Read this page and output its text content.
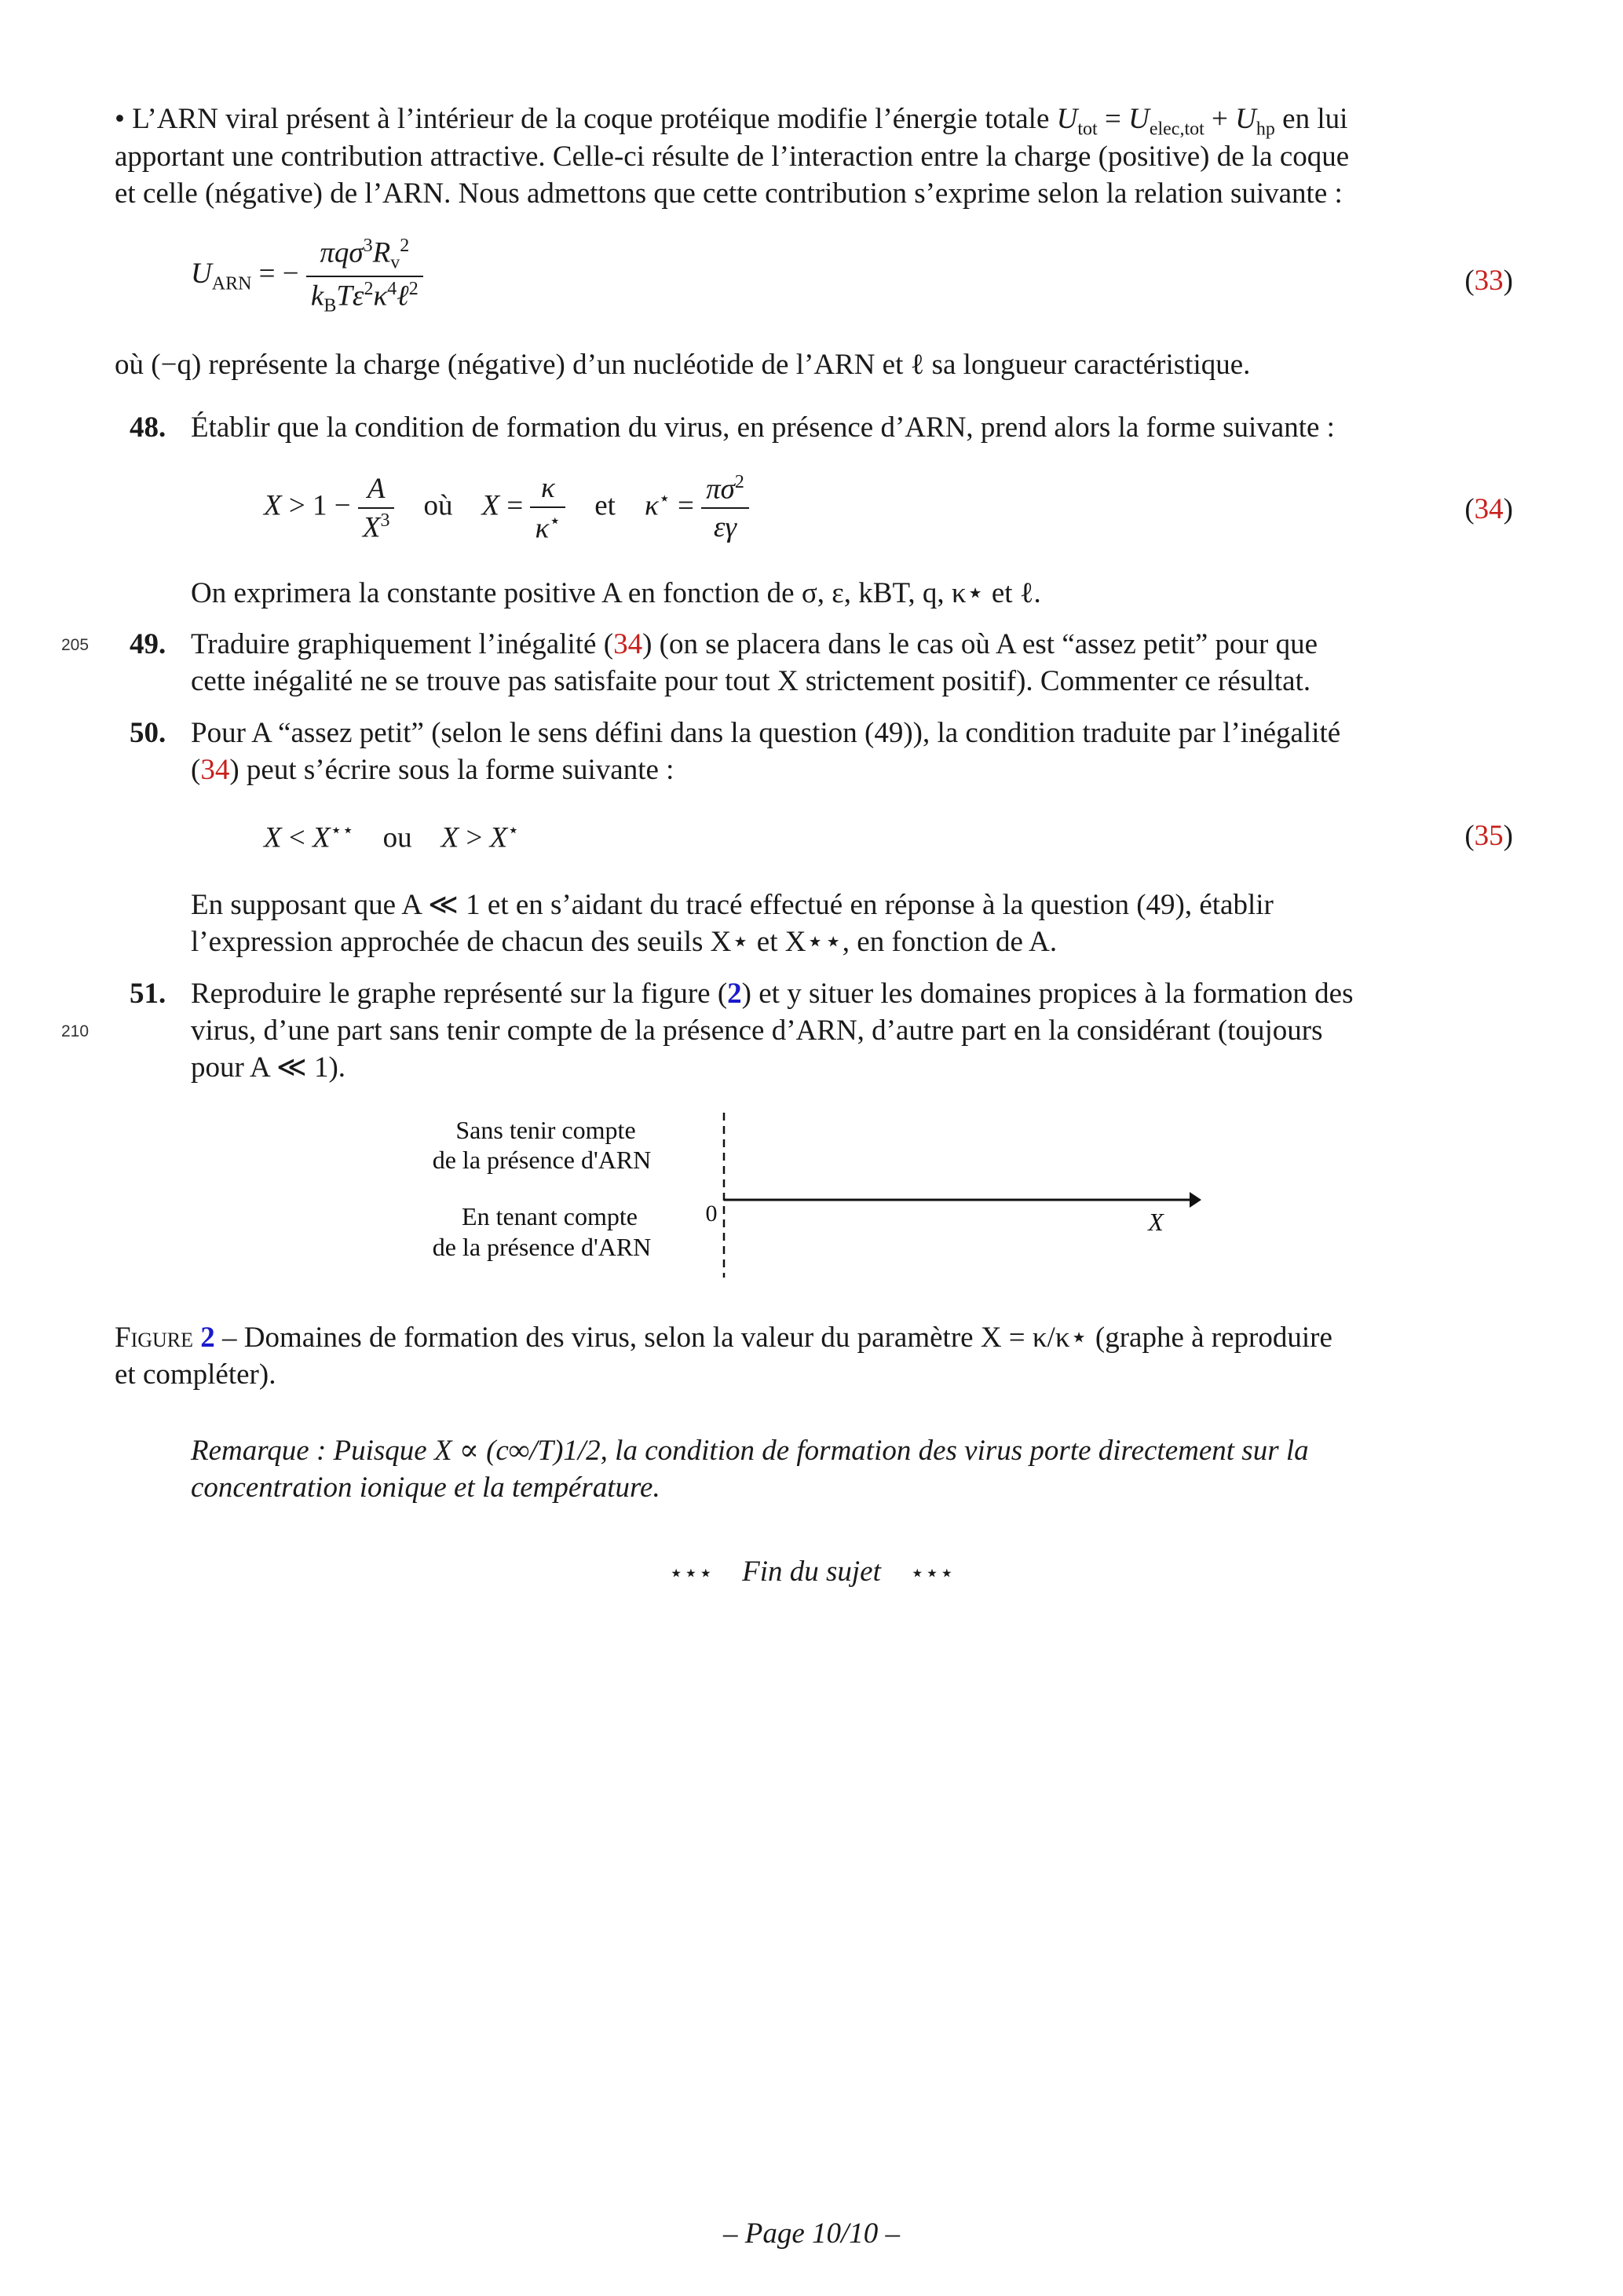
• L’ARN viral présent à l’intérieur de la coque protéique modifie l’énergie totale $U_{tot} = U_{elec,tot} + U_{hp}$ en lui
apportant une contribution attractive. Celle-ci résulte de l’interaction entre la charge (positive) de la coque
et celle (négative) de l’ARN. Nous admettons que cette contribution s’exprime selon la relation suivante :
$U_{ARN}$ = − $\frac{\pi q\sigma^3R_v^2}{k_BT\varepsilon^2\kappa^4\ell^2}$	(33)
où (−q) représente la charge (négative) d’un nucléotide de l’ARN et ℓ sa longueur caractéristique.
48. Établir que la condition de formation du virus, en présence d’ARN, prend alors la forme suivante :
$X > 1 - \frac{A}{X^3}$ où $X = \frac{\kappa}{\kappa^⋆}$ et $\kappa^⋆ = \frac{\pi\sigma^2}{\varepsilon\gamma}$	(34)
On exprimera la constante positive A en fonction de σ, ε, kBT, q, κ⋆ et ℓ.
205 49. Traduire graphiquement l’inégalité (34) (on se placera dans le cas où A est “assez petit” pour que
cette inégalité ne se trouve pas satisfaite pour tout X strictement positif). Commenter ce résultat.
50. Pour A “assez petit” (selon le sens défini dans la question (49)), la condition traduite par l’inégalité
(34) peut s’écrire sous la forme suivante :
X < X⋆⋆ ou X > X⋆	(35)
En supposant que A ≪ 1 et en s’aidant du tracé effectué en réponse à la question (49), établir
l’expression approchée de chacun des seuils X⋆ et X⋆⋆, en fonction de A.
51. Reproduire le graphe représenté sur la figure (2) et y situer les domaines propices à la formation des
210	virus, d’une part sans tenir compte de la présence d’ARN, d’autre part en la considérant (toujours
pour A ≪ 1).
Sans tenir compte
de la présence d'ARN
En tenant compte
de la présence d'ARN
0	X
Figure 2 – Domaines de formation des virus, selon la valeur du paramètre X = κ/κ⋆ (graphe à reproduire
et compléter).
Remarque : Puisque X ∝ (c∞/T)1/2, la condition de formation des virus porte directement sur la
concentration ionique et la température.
⋆⋆⋆ Fin du sujet ⋆⋆⋆
– Page 10/10 –
